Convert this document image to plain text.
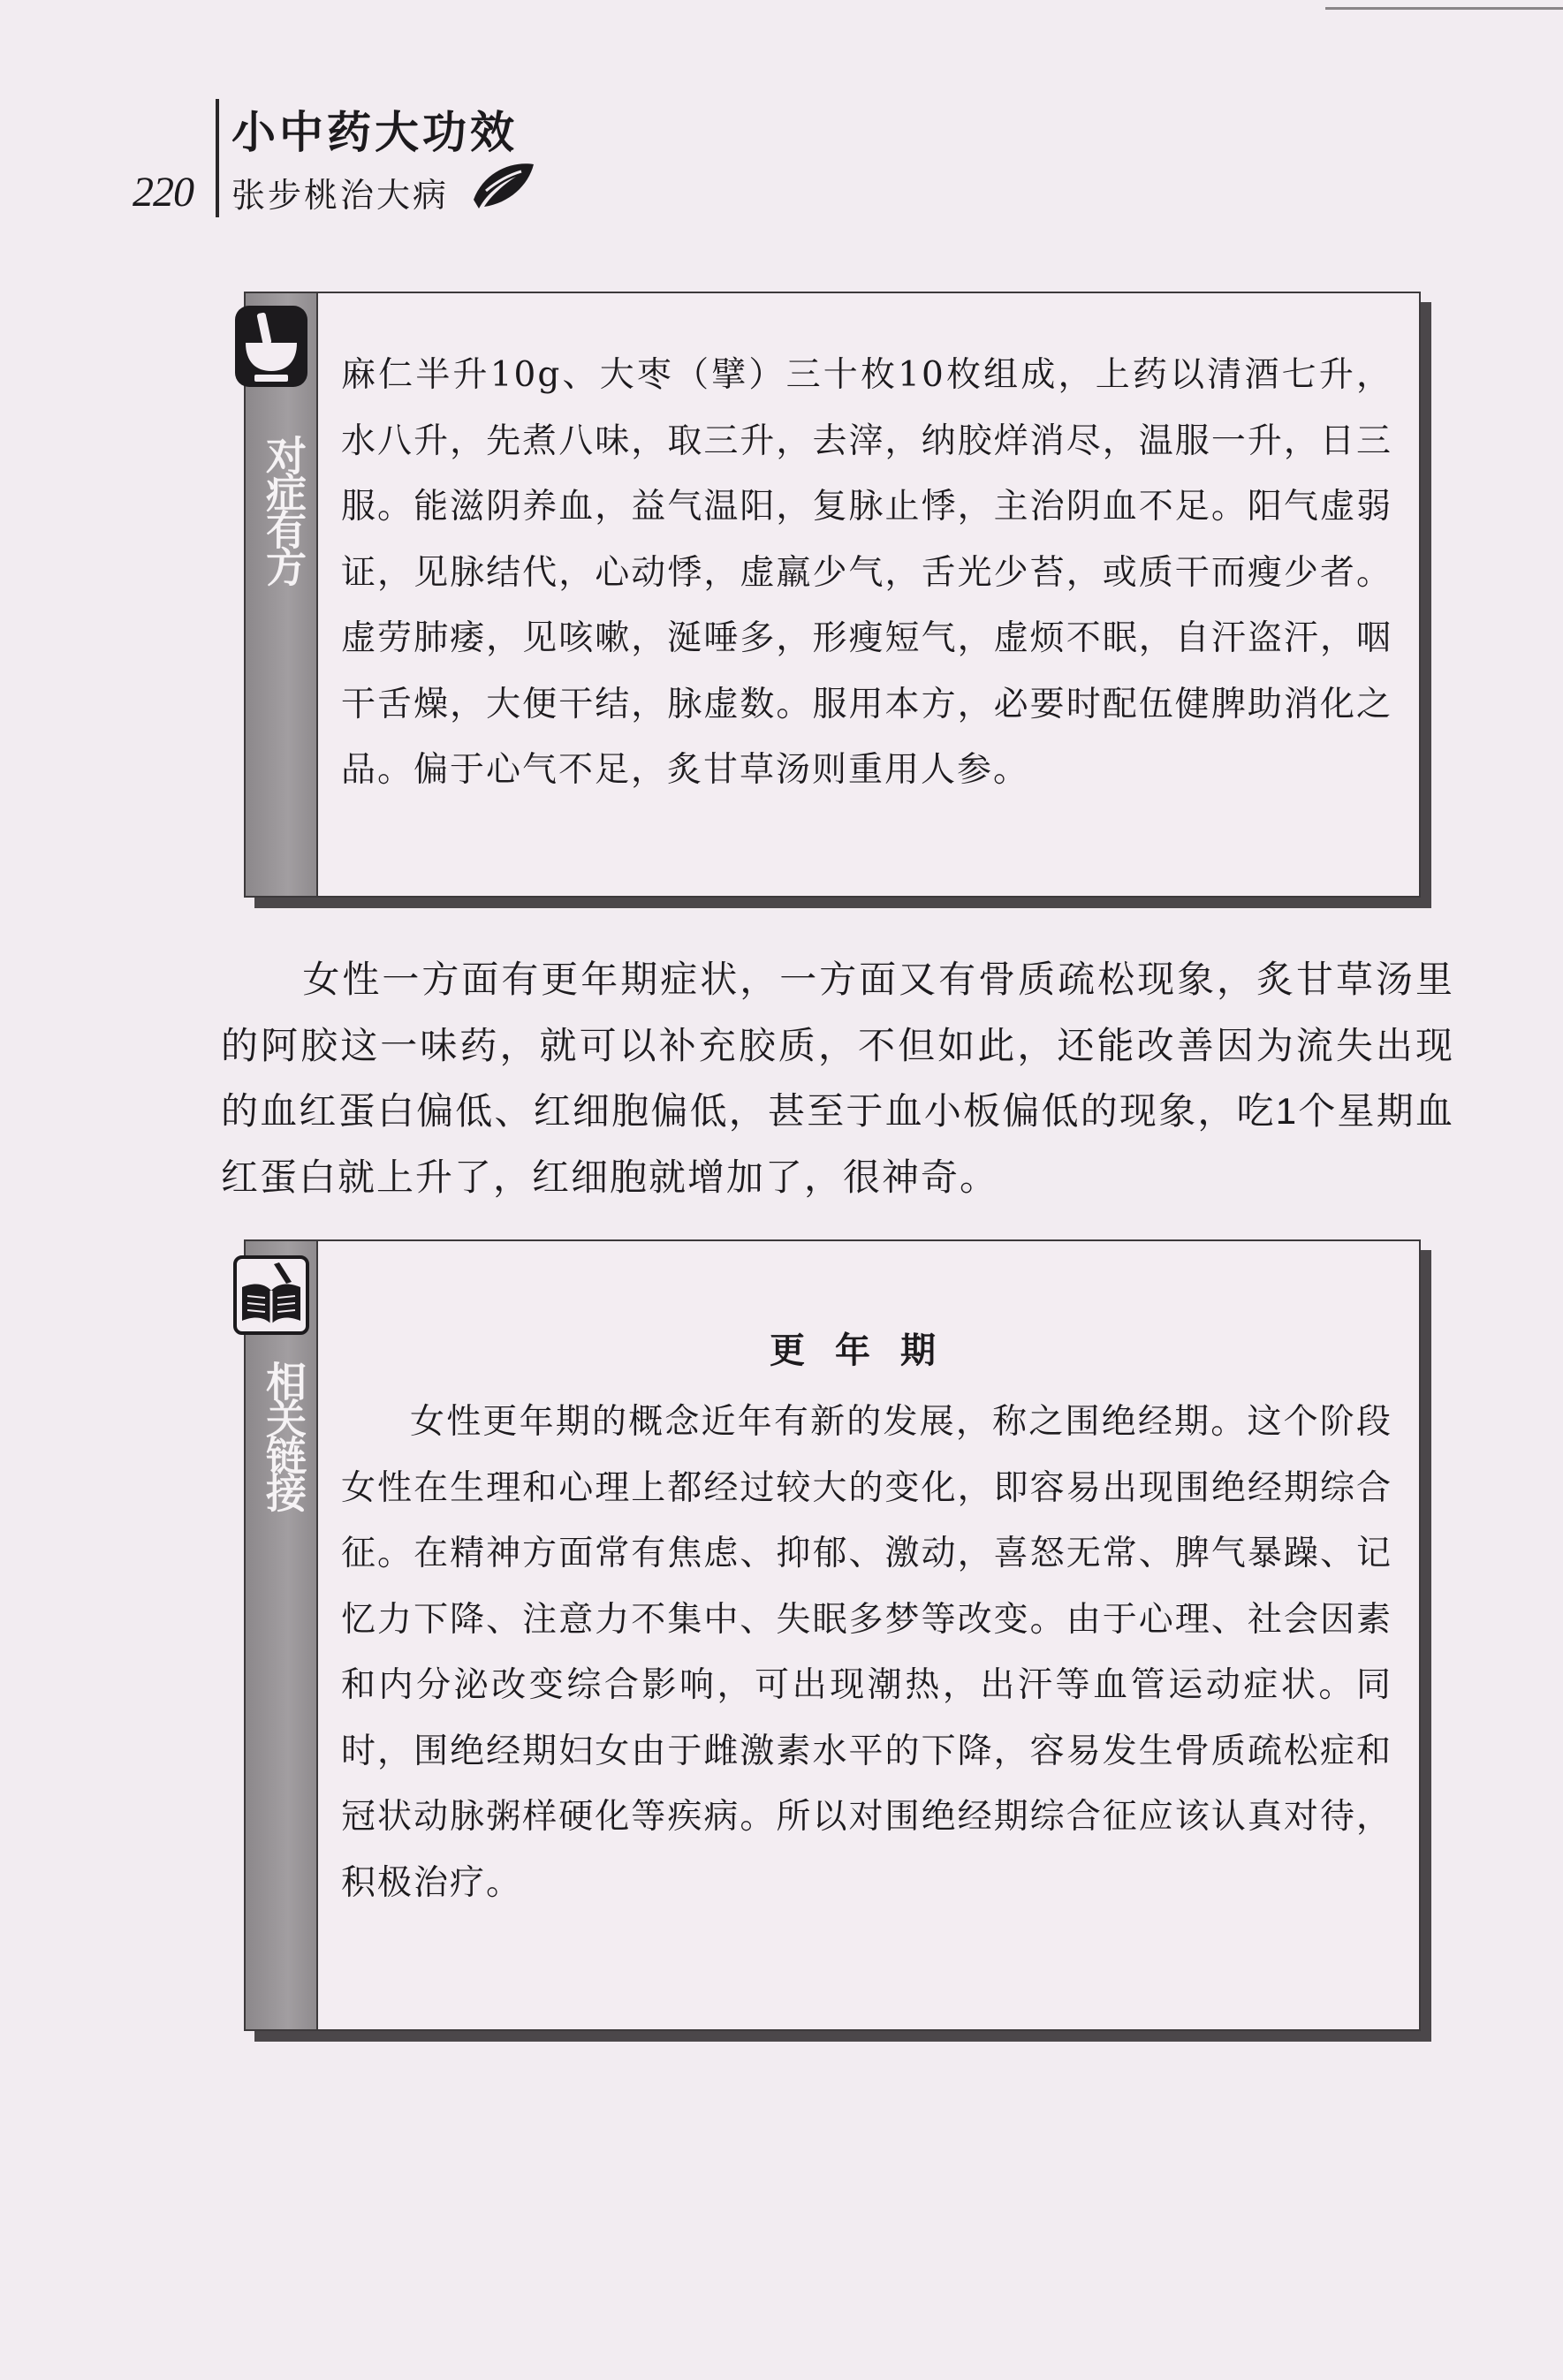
220
小中药大功效
张步桃治大病
对症有方
麻仁半升10g、大枣（擘）三十枚10枚组成，上药以清酒七升，水八升，先煮八味，取三升，去滓，纳胶烊消尽，温服一升，日三服。能滋阴养血，益气温阳，复脉止悸，主治阴血不足。阳气虚弱证，见脉结代，心动悸，虚羸少气，舌光少苔，或质干而瘦少者。虚劳肺痿，见咳嗽，涎唾多，形瘦短气，虚烦不眠，自汗盗汗，咽干舌燥，大便干结，脉虚数。服用本方，必要时配伍健脾助消化之品。偏于心气不足，炙甘草汤则重用人参。
女性一方面有更年期症状，一方面又有骨质疏松现象，炙甘草汤里的阿胶这一味药，就可以补充胶质，不但如此，还能改善因为流失出现的血红蛋白偏低、红细胞偏低，甚至于血小板偏低的现象，吃1个星期血红蛋白就上升了，红细胞就增加了，很神奇。
相关链接
更年期
女性更年期的概念近年有新的发展，称之围绝经期。这个阶段女性在生理和心理上都经过较大的变化，即容易出现围绝经期综合征。在精神方面常有焦虑、抑郁、激动，喜怒无常、脾气暴躁、记忆力下降、注意力不集中、失眠多梦等改变。由于心理、社会因素和内分泌改变综合影响，可出现潮热，出汗等血管运动症状。同时，围绝经期妇女由于雌激素水平的下降，容易发生骨质疏松症和冠状动脉粥样硬化等疾病。所以对围绝经期综合征应该认真对待，积极治疗。
